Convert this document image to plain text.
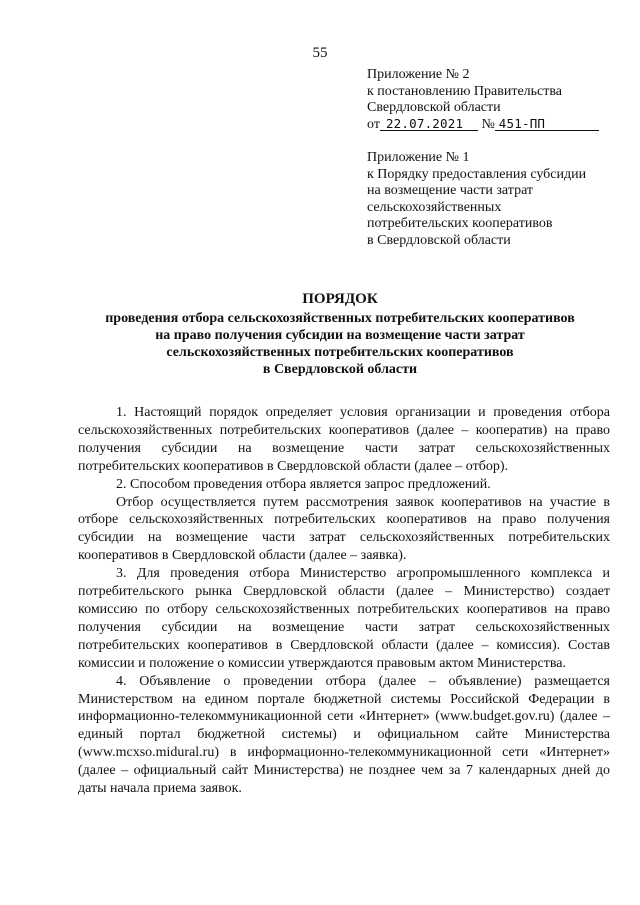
55
Приложение № 2
к постановлению Правительства
Свердловской области
от 22.07.2021 № 451-ПП
Приложение № 1
к Порядку предоставления субсидии
на возмещение части затрат
сельскохозяйственных
потребительских кооперативов
в Свердловской области
ПОРЯДОК
проведения отбора сельскохозяйственных потребительских кооперативов
на право получения субсидии на возмещение части затрат
сельскохозяйственных потребительских кооперативов
в Свердловской области

1. Настоящий порядок определяет условия организации и проведения отбора сельскохозяйственных потребительских кооперативов (далее – кооператив) на право получения субсидии на возмещение части затрат сельскохозяйственных потребительских кооперативов в Свердловской области (далее – отбор).

2. Способом проведения отбора является запрос предложений.

Отбор осуществляется путем рассмотрения заявок кооперативов на участие в отборе сельскохозяйственных потребительских кооперативов на право получения субсидии на возмещение части затрат сельскохозяйственных потребительских кооперативов в Свердловской области (далее – заявка).

3. Для проведения отбора Министерство агропромышленного комплекса и потребительского рынка Свердловской области (далее – Министерство) создает комиссию по отбору сельскохозяйственных потребительских кооперативов на право получения субсидии на возмещение части затрат сельскохозяйственных потребительских кооперативов в Свердловской области (далее – комиссия). Состав комиссии и положение о комиссии утверждаются правовым актом Министерства.

4. Объявление о проведении отбора (далее – объявление) размещается Министерством на едином портале бюджетной системы Российской Федерации в информационно-телекоммуникационной сети «Интернет» (www.budget.gov.ru) (далее – единый портал бюджетной системы) и официальном сайте Министерства (www.mcxso.midural.ru) в информационно-телекоммуникационной сети «Интернет» (далее – официальный сайт Министерства) не позднее чем за 7 календарных дней до даты начала приема заявок.
